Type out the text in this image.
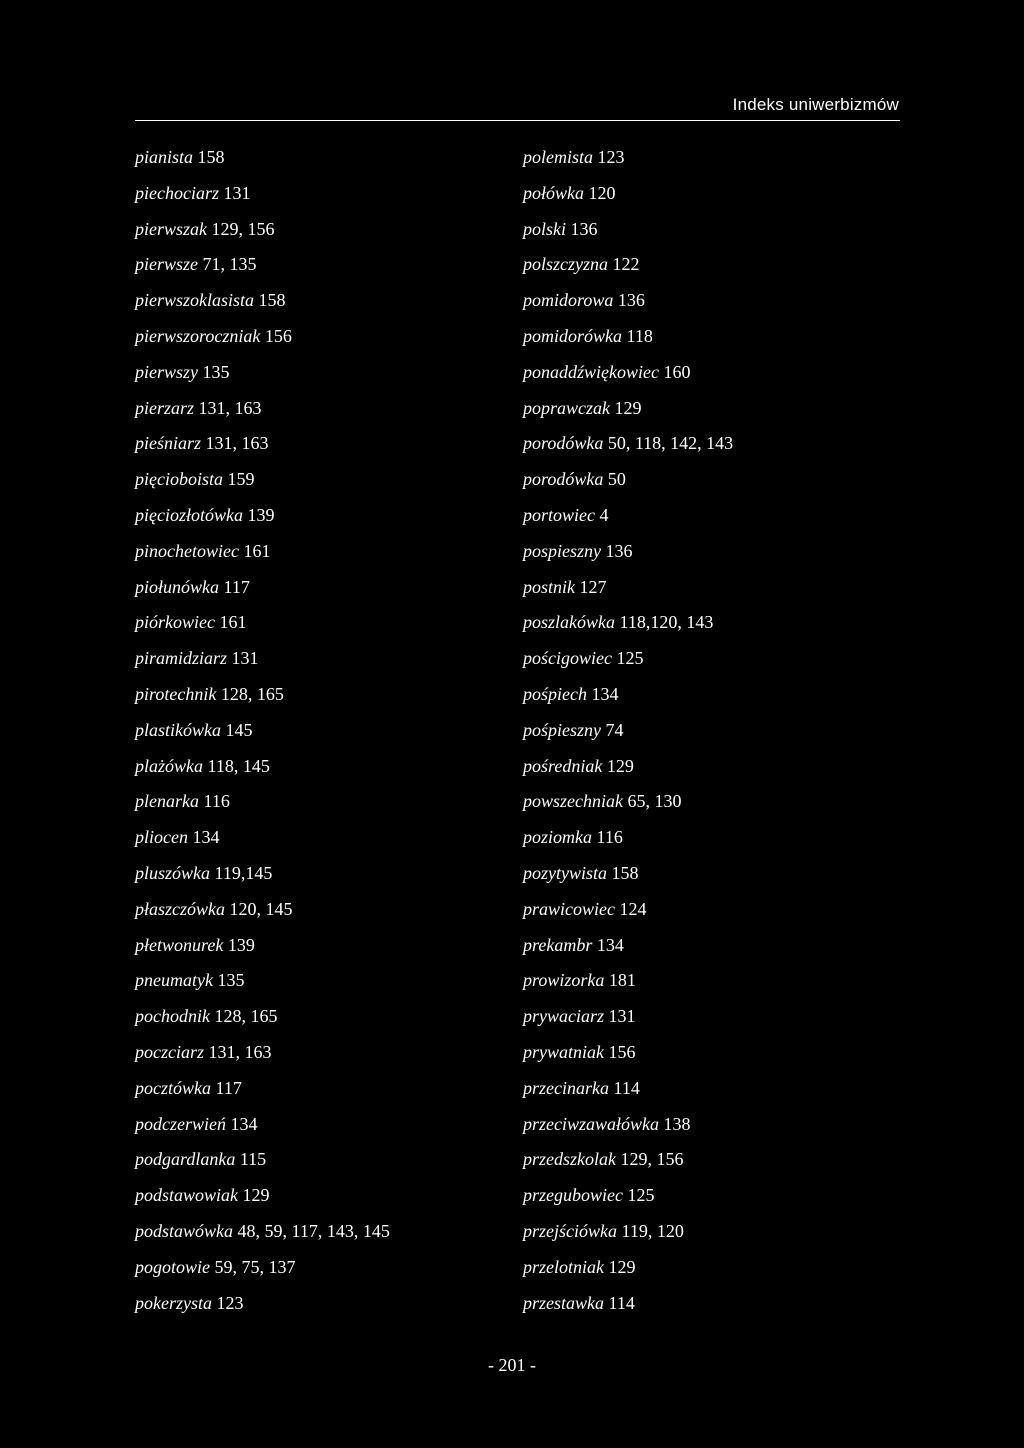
Indeks uniwerbizmów
pianista 158
piechociarz 131
pierwszak 129, 156
pierwsze 71, 135
pierwszoklasista 158
pierwszoroczniak 156
pierwszy 135
pierzarz 131, 163
pieśniarz 131, 163
pięcioboista 159
pięciozłotówka 139
pinochetowiec 161
piołunówka 117
piórkowiec 161
piramidziarz 131
pirotechnik 128, 165
plastikówka 145
plażówka 118, 145
plenarka 116
pliocen 134
pluszówka 119,145
płaszczówka 120, 145
płetwonurek 139
pneumatyk 135
pochodnik 128, 165
poczciarz 131, 163
pocztówka 117
podczerwień 134
podgardlanka 115
podstawowiak 129
podstawówka 48, 59, 117, 143, 145
pogotowie 59, 75, 137
pokerzysta 123
polemista 123
połówka 120
polski 136
polszczyzna 122
pomidorowa 136
pomidorówka 118
ponaddźwiękowiec 160
poprawczak 129
porodówka 50, 118, 142, 143
porodówka 50
portowiec 4
pospieszny 136
postnik 127
poszlakówka 118,120, 143
pościgowiec 125
pośpiech 134
pośpieszny 74
pośredniak 129
powszechniak 65, 130
poziomka 116
pozytywista 158
prawicowiec 124
prekambr 134
prowizorka 181
prywaciarz 131
prywatniak 156
przecinarka 114
przeciwzawałówka 138
przedszkolak 129, 156
przegubowiec 125
przejściówka 119, 120
przelotniak 129
przestawka 114
- 201 -
